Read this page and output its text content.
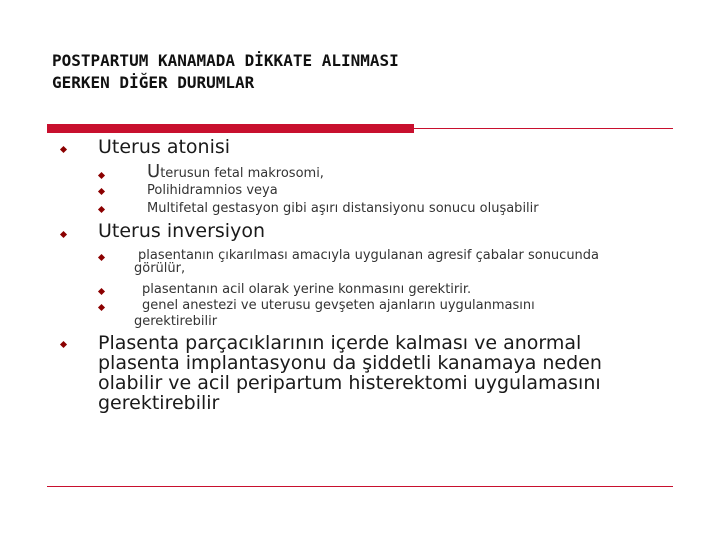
POSTPARTUM KANAMADA DİKKATE ALINMASI
GERKEN DİĞER DURUMLAR
Uterus atonisi
Uterusun fetal makrosomi,
Polihidramnios veya
Multifetal gestasyon gibi aşırı distansiyonu sonucu oluşabilir
Uterus inversiyon
plasentanın çıkarılması amacıyla uygulanan agresif çabalar sonucunda
görülür,
plasentanın acil olarak yerine konmasını gerektirir.
genel anestezi ve uterusu gevşeten ajanların uygulanmasını
gerektirebilir
Plasenta parçacıklarının içerde kalması ve anormal
plasenta implantasyonu da şiddetli kanamaya neden
olabilir ve acil peripartum histerektomi uygulamasını
gerektirebilir
